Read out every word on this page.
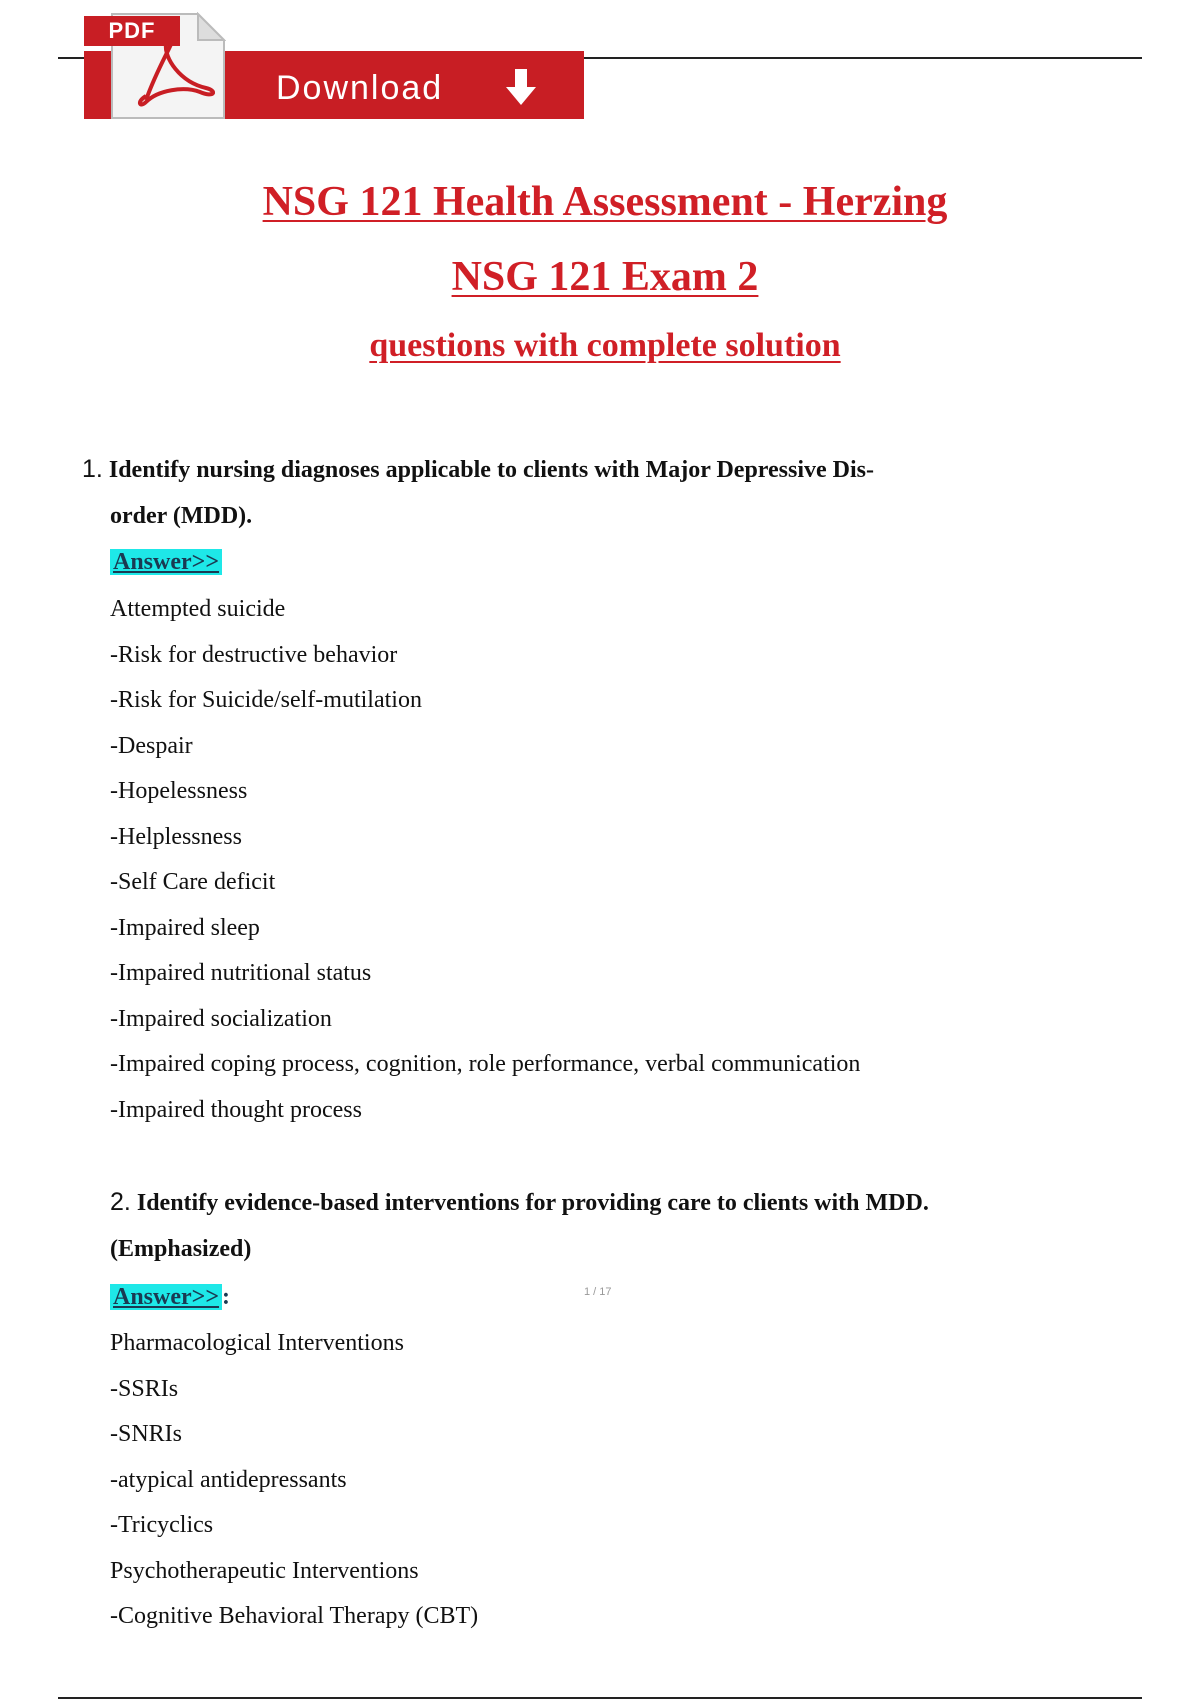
Download
PDF
NSG 121 Health Assessment - Herzing
NSG 121 Exam 2
questions with complete solution
1. Identify nursing diagnoses applicable to clients with Major Depressive Dis-
order (MDD).
Answer>>
Attempted suicide
-Risk for destructive behavior
-Risk for Suicide/self-mutilation
-Despair
-Hopelessness
-Helplessness
-Self Care deficit
-Impaired sleep
-Impaired nutritional status
-Impaired socialization
-Impaired coping process, cognition, role performance, verbal communication
-Impaired thought process
2. Identify evidence-based interventions for providing care to clients with MDD.
(Emphasized)
Answer>> :	1 / 17
Pharmacological Interventions
-SSRIs
-SNRIs
-atypical antidepressants
-Tricyclics
Psychotherapeutic Interventions
-Cognitive Behavioral Therapy (CBT)
